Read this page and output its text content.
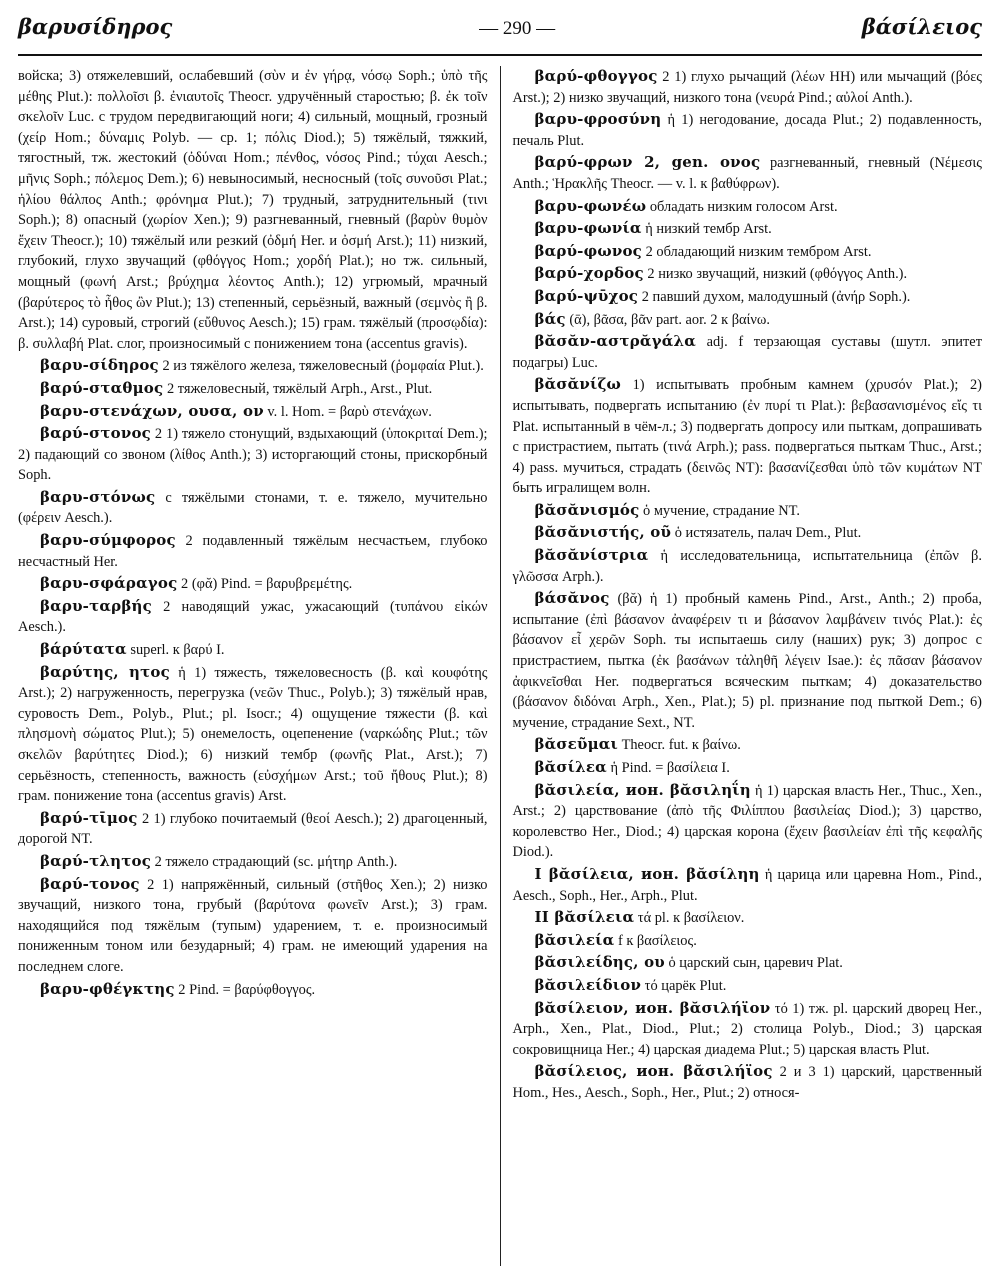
βαρυσίδηρος	— 290 —	βάσίλειος

войска; 3) отяжелевший, ослабевший (σὺν и ἐν γήρᾳ, νόσῳ Soph.; ὑπὸ τῆς μέθης Plut.): πολλοῖσι β. ἐνιαυτοῖς Theocr. удручённый старостью; β. ἐκ τοῖν σκελοῖν Luc. с трудом передвигающий ноги; 4) сильный, мощный, грозный (χείρ Hom.; δύναμις Polyb. — ср. 1; πόλις Diod.); 5) тяжёлый, тяжкий, тягостный, тж. жестокий (ὀδύναι Hom.; πένθος, νόσος Pind.; τύχαι Aesch.; μῆνις Soph.; πόλεμος Dem.); 6) невыносимый, несносный (τοῖς συνοῦσι Plat.; ἡλίου θάλπος Anth.; φρόνημα Plut.); 7) трудный, затруднительный (τινι Soph.); 8) опасный (χωρίον Xen.); 9) разгневанный, гневный (βαρὺν θυμὸν ἔχειν Theocr.); 10) тяжёлый или резкий (ὀδμή Her. и ὀσμή Arst.); 11) низкий, глубокий, глухо звучащий (φθόγγος Hom.; χορδή Plat.); но тж. сильный, мощный (φωνή Arst.; βρύχημα λέοντος Anth.); 12) угрюмый, мрачный (βαρύτερος τὸ ἦθος ὢν Plut.); 13) степенный, серьёзный, важный (σεμνὸς ἢ β. Arst.); 14) суровый, строгий (εὔθυνος Aesch.); 15) грам. тяжёлый (προσῳδία): β. συλλαβή Plat. слог, произносимый с понижением тона (accentus gravis).

βαρυ-σίδηρος 2 из тяжёлого железа, тяжеловесный (ῥομφαία Plut.).

βαρύ-σταθμος 2 тяжеловесный, тяжёлый Arph., Arst., Plut.

βαρυ-στενάχων, ουσα, ον v. l. Hom. = βαρὺ στενάχων.

βαρύ-στονος 2 1) тяжело стонущий, вздыхающий (ὑποκριταί Dem.); 2) падающий со звоном (λίθος Anth.); 3) исторгающий стоны, прискорбный Soph.

βαρυ-στόνως с тяжёлыми стонами, т. е. тяжело, мучительно (φέρειν Aesch.).

βαρυ-σύμφορος 2 подавленный тяжёлым несчастьем, глубоко несчастный Her.

βαρυ-σφάραγος 2 (φᾰ) Pind. = βαρυβρεμέτης.

βαρυ-ταρβής 2 наводящий ужас, ужасающий (τυπάνου εἰκών Aesch.).

βάρύτατα superl. к βαρύ I.

βαρύτης, ητος ἡ 1) тяжесть, тяжеловесность (β. καὶ κουφότης Arst.); 2) нагруженность, перегрузка (νεῶν Thuc., Polyb.); 3) тяжёлый нрав, суровость Dem., Polyb., Plut.; pl. Isocr.; 4) ощущение тяжести (β. καὶ πλησμονὴ σώματος Plut.); 5) онемелость, оцепенение (ναρκώδης Plut.; τῶν σκελῶν βαρύτητες Diod.); 6) низкий тембр (φωνῆς Plat., Arst.); 7) серьёзность, степенность, важность (εὐσχήμων Arst.; τοῦ ἤθους Plut.); 8) грам. понижение тона (accentus gravis) Arst.

βαρύ-τῑμος 2 1) глубоко почитаемый (θεοί Aesch.); 2) драгоценный, дорогой NT.

βαρύ-τλητος 2 тяжело страдающий (sc. μήτηρ Anth.).

βαρύ-τονος 2 1) напряжённый, сильный (στῆθος Xen.); 2) низко звучащий, низкого тона, грубый (βαρύτονα φωνεῖν Arst.); 3) грам. находящийся под тяжёлым (тупым) ударением, т. е. произносимый пониженным тоном или безударный; 4) грам. не имеющий ударения на последнем слоге.

βαρυ-φθέγκτης 2 Pind. = βαρύφθογγος.

βαρύ-φθογγος 2 1) глухо рычащий (λέων HH) или мычащий (βόες Arst.); 2) низко звучащий, низкого тона (νευρά Pind.; αὐλοί Anth.).

βαρυ-φροσύνη ἡ 1) негодование, досада Plut.; 2) подавленность, печаль Plut.

βαρύ-φρων 2, gen. ονος разгневанный, гневный (Νέμεσις Anth.; Ἡρακλῆς Theocr. — v. l. к βαθύφρων).

βαρυ-φωνέω обладать низким голосом Arst.

βαρυ-φωνία ἡ низкий тембр Arst.

βαρύ-φωνος 2 обладающий низким тембром Arst.

βαρύ-χορδος 2 низко звучащий, низкий (φθόγγος Anth.).

βαρύ-ψῡχος 2 павший духом, малодушный (ἀνήρ Soph.).

βάς (ᾱ), βᾶσα, βᾶν part. aor. 2 к βαίνω.

βᾰσᾰν-αστρᾰγάλα adj. f терзающая суставы (шутл. эпитет подагры) Luc.

βᾰσᾰνίζω 1) испытывать пробным камнем (χρυσόν Plat.); 2) испытывать, подвергать испытанию (ἐν πυρί τι Plat.): βεβασανισμένος εἴς τι Plat. испытанный в чём-л.; 3) подвергать допросу или пыткам, допрашивать с пристрастием, пытать (τινά Arph.); pass. подвергаться пыткам Thuc., Arst.; 4) pass. мучиться, страдать (δεινῶς NT): βασανίζεσθαι ὑπὸ τῶν κυμάτων NT быть игралищем волн.

βᾰσᾰνισμός ὁ мучение, страдание NT.

βᾰσᾰνιστής, οῦ ὁ истязатель, палач Dem., Plut.

βᾰσᾰνίστρια ἡ исследовательница, испытательница (ἐπῶν β. γλῶσσα Arph.).

βάσᾰνος (βᾰ) ἡ 1) пробный камень Pind., Arst., Anth.; 2) проба, испытание (ἐπὶ βάσανον ἀναφέρειν τι и βάσανον λαμβάνειν τινός Plat.): ἐς βάσανον εἶ χερῶν Soph. ты испытаешь силу (наших) рук; 3) допрос с пристрастием, пытка (ἐκ βασάνων τἀληθῆ λέγειν Isae.): ἐς πᾶσαν βάσανον ἀφικνεῖσθαι Her. подвергаться всяческим пыткам; 4) доказательство (βάσανον διδόναι Arph., Xen., Plat.); 5) pl. признание под пыткой Dem.; 6) мучение, страдание Sext., NT.

βᾰσεῦμαι Theocr. fut. к βαίνω.

βᾰσίλεα ἡ Pind. = βασίλεια I.

βᾰσιλεία, ион. βᾰσιληΐη ἡ 1) царская власть Her., Thuc., Xen., Arst.; 2) царствование (ἀπὸ τῆς Φιλίππου βασιλείας Diod.); 3) царство, королевство Her., Diod.; 4) царская корона (ἔχειν βασιλείαν ἐπὶ τῆς κεφαλῆς Diod.).

I βᾰσίλεια, ион. βᾰσίληη ἡ царица или царевна Hom., Pind., Aesch., Soph., Her., Arph., Plut.

II βᾰσίλεια τά pl. к βασίλειον.

βᾰσιλεία f к βασίλειος.

βᾰσιλείδης, ου ὁ царский сын, царевич Plat.

βᾰσιλείδιον τό царёк Plut.

βᾰσίλειον, ион. βᾰσιλήϊον τό 1) тж. pl. царский дворец Her., Arph., Xen., Plat., Diod., Plut.; 2) столица Polyb., Diod.; 3) царская сокровищница Her.; 4) царская диадема Plut.; 5) царская власть Plut.

βᾰσίλειος, ион. βᾰσιλήϊος 2 и 3 1) царский, царственный Hom., Hes., Aesch., Soph., Her., Plut.; 2) относя-
